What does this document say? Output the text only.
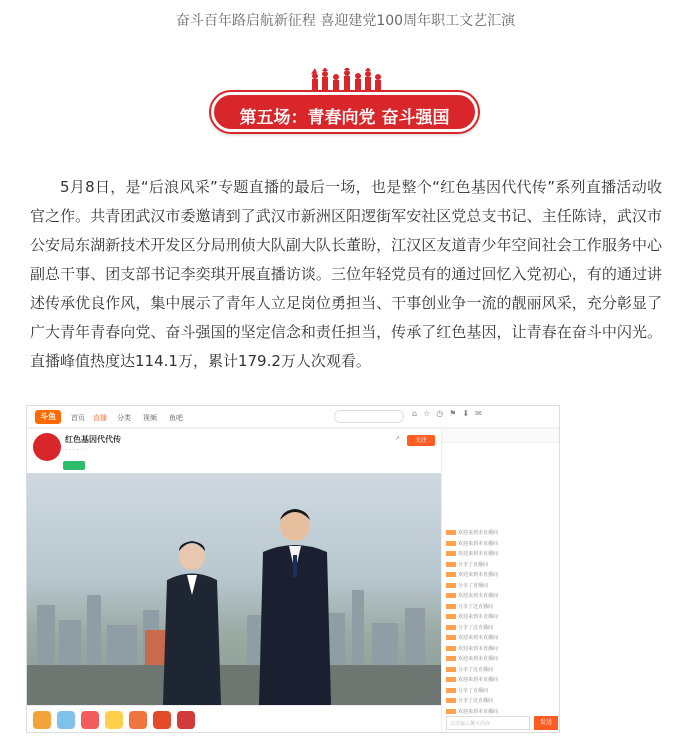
奋斗百年路启航新征程 喜迎建党100周年职工文艺汇演
第五场：青春向党 奋斗强国

5月8日，是“后浪风采”专题直播的最后一场，也是整个“红色基因代代传”系列直播活动收官之作。共青团武汉市委邀请到了武汉市新洲区阳逻街军安社区党总支书记、主任陈诗，武汉市公安局东湖新技术开发区分局刑侦大队副大队长董盼，江汉区友道青少年空间社会工作服务中心副总干事、团支部书记李奕琪开展直播访谈。三位年轻党员有的通过回忆入党初心，有的通过讲述传承优良作风，集中展示了青年人立足岗位勇担当、干事创业争一流的靓丽风采，充分彰显了广大青年青春向党、奋斗强国的坚定信念和责任担当，传承了红色基因，让青春在奋斗中闪光。直播峰值热度达114.1万，累计179.2万人次观看。

斗鱼	首页 直播 分类 视频 鱼吧	⌂☆◷⚑⬇✉
红色基因代代传
· · · · · ·
↗	关注
欢迎来到本直播间
欢迎来到本直播间
欢迎来到本直播间
分享了直播间
欢迎来到本直播间
分享了直播间
欢迎来到本直播间
分享了这直播间
欢迎来到本直播间
分享了这直播间
欢迎来到本直播间
欢迎来到本直播间
欢迎来到本直播间
分享了这直播间
欢迎来到本直播间
分享了直播间
分享了这直播间
欢迎来到本直播间
这里输入聊天内容	发送
